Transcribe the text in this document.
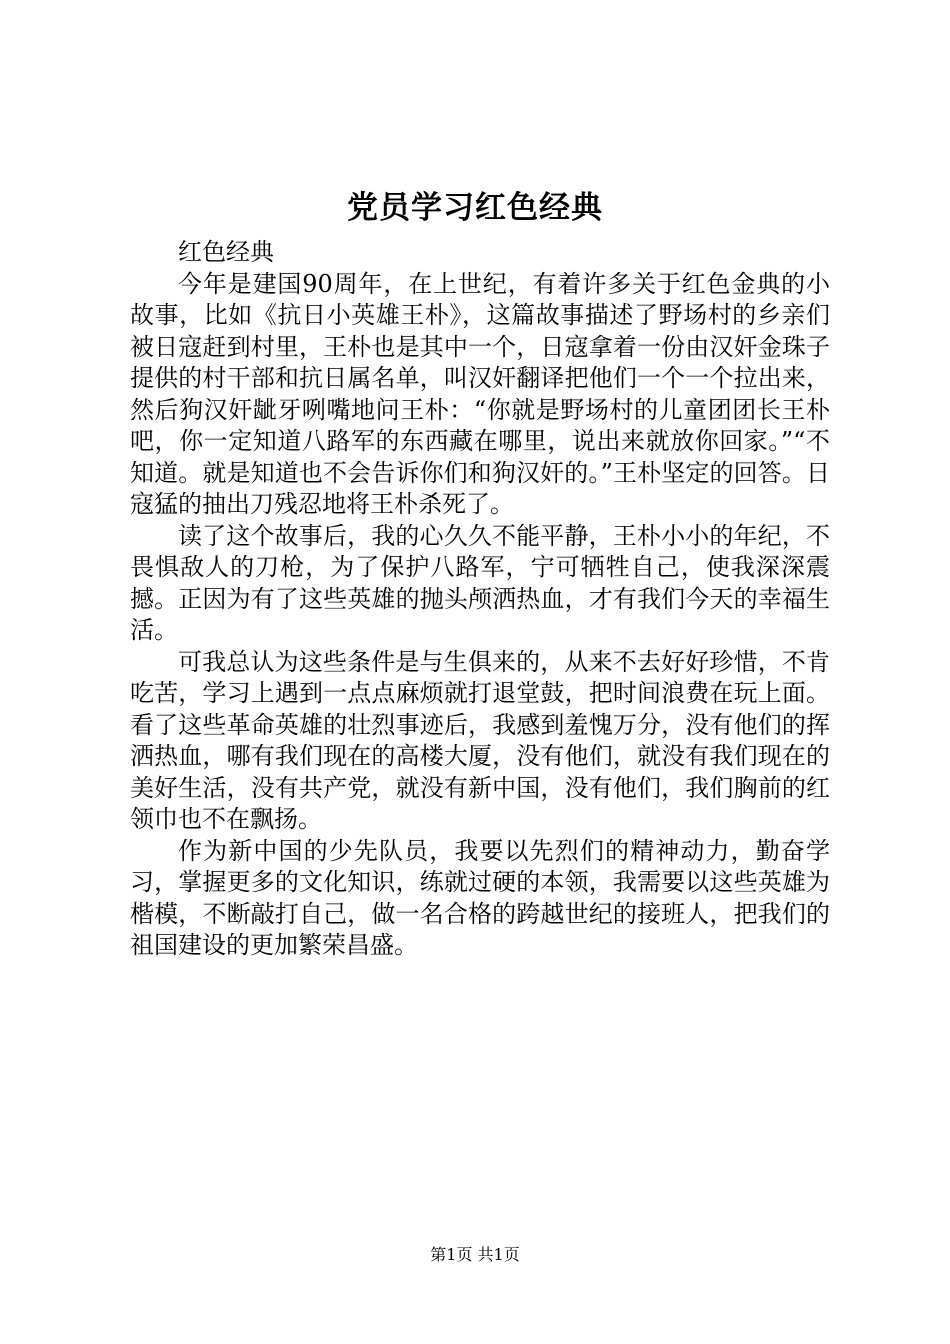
党员学习红色经典

红色经典

今年是建国90周年，在上世纪，有着许多关于红色金典的小故事，比如《抗日小英雄王朴》，这篇故事描述了野场村的乡亲们被日寇赶到村里，王朴也是其中一个，日寇拿着一份由汉奸金珠子提供的村干部和抗日属名单，叫汉奸翻译把他们一个一个拉出来，然后狗汉奸龇牙咧嘴地问王朴：“你就是野场村的儿童团团长王朴吧，你一定知道八路军的东西藏在哪里，说出来就放你回家。”“不知道。就是知道也不会告诉你们和狗汉奸的。”王朴坚定的回答。日寇猛的抽出刀残忍地将王朴杀死了。

读了这个故事后，我的心久久不能平静，王朴小小的年纪，不畏惧敌人的刀枪，为了保护八路军，宁可牺牲自己，使我深深震撼。正因为有了这些英雄的抛头颅洒热血，才有我们今天的幸福生活。

可我总认为这些条件是与生俱来的，从来不去好好珍惜，不肯吃苦，学习上遇到一点点麻烦就打退堂鼓，把时间浪费在玩上面。看了这些革命英雄的壮烈事迹后，我感到羞愧万分，没有他们的挥洒热血，哪有我们现在的高楼大厦，没有他们，就没有我们现在的美好生活，没有共产党，就没有新中国，没有他们，我们胸前的红领巾也不在飘扬。

作为新中国的少先队员，我要以先烈们的精神动力，勤奋学习，掌握更多的文化知识，练就过硬的本领，我需要以这些英雄为楷模，不断敲打自己，做一名合格的跨越世纪的接班人，把我们的祖国建设的更加繁荣昌盛。

第1页 共1页
